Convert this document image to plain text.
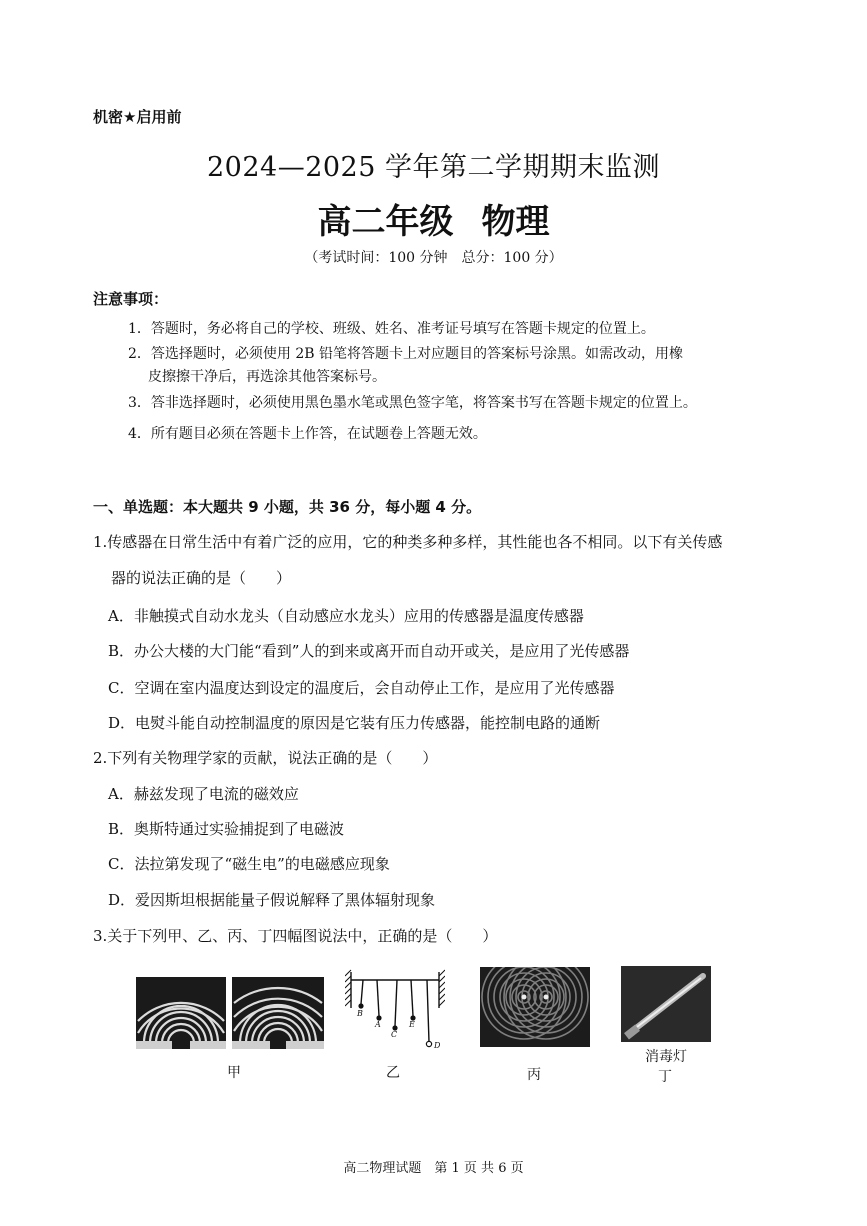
机密★启用前
2024—2025 学年第二学期期末监测
高二年级 物理
（考试时间：100 分钟　总分：100 分）
注意事项：
1．答题时，务必将自己的学校、班级、姓名、准考证号填写在答题卡规定的位置上。
2．答选择题时，必须使用 2B 铅笔将答题卡上对应题目的答案标号涂黑。如需改动，用橡
皮擦擦干净后，再选涂其他答案标号。
3．答非选择题时，必须使用黑色墨水笔或黑色签字笔，将答案书写在答题卡规定的位置上。
4．所有题目必须在答题卡上作答，在试题卷上答题无效。
一、单选题：本大题共 9 小题，共 36 分，每小题 4 分。
1.传感器在日常生活中有着广泛的应用，它的种类多种多样，其性能也各不相同。以下有关传感
器的说法正确的是（　　）
A．非触摸式自动水龙头（自动感应水龙头）应用的传感器是温度传感器
B．办公大楼的大门能“看到”人的到来或离开而自动开或关，是应用了光传感器
C．空调在室内温度达到设定的温度后，会自动停止工作，是应用了光传感器
D．电熨斗能自动控制温度的原因是它装有压力传感器，能控制电路的通断
2.下列有关物理学家的贡献，说法正确的是（　　）
A．赫兹发现了电流的磁效应
B．奥斯特通过实验捕捉到了电磁波
C．法拉第发现了“磁生电”的电磁感应现象
D．爱因斯坦根据能量子假说解释了黑体辐射现象
3.关于下列甲、乙、丙、丁四幅图说法中，正确的是（　　）
甲
B
A
C
E
D
乙	丙
消毒灯
丁
高二物理试题　第 1 页 共 6 页
